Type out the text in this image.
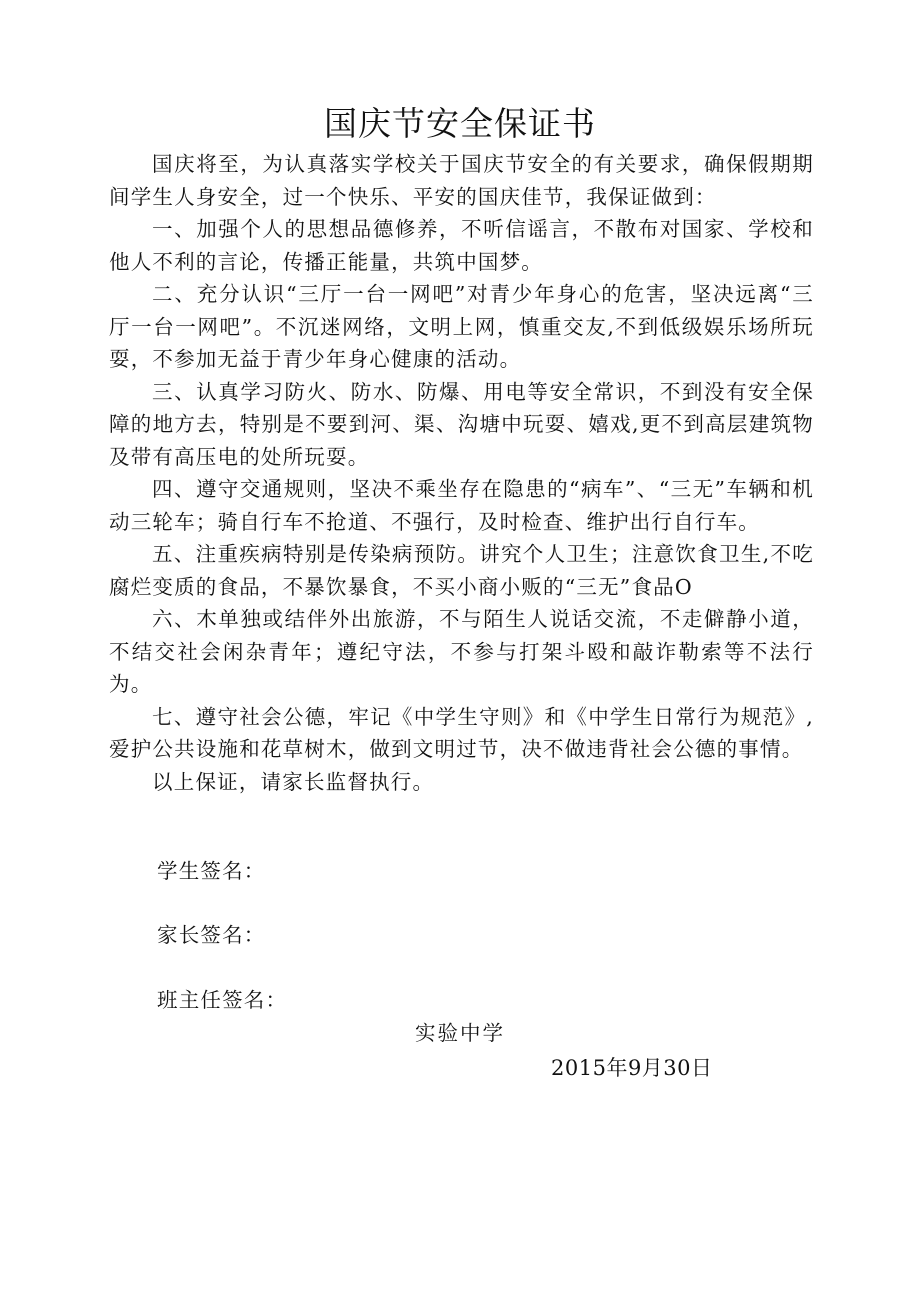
国庆节安全保证书

国庆将至，为认真落实学校关于国庆节安全的有关要求，确保假期期间学生人身安全，过一个快乐、平安的国庆佳节，我保证做到：

一、加强个人的思想品德修养，不听信谣言，不散布对国家、学校和他人不利的言论，传播正能量，共筑中国梦。

二、充分认识“三厅一台一网吧”对青少年身心的危害，坚决远离“三厅一台一网吧”。不沉迷网络，文明上网，慎重交友,不到低级娱乐场所玩耍，不参加无益于青少年身心健康的活动。

三、认真学习防火、防水、防爆、用电等安全常识，不到没有安全保障的地方去，特别是不要到河、渠、沟塘中玩耍、嬉戏,更不到高层建筑物及带有高压电的处所玩耍。

四、遵守交通规则，坚决不乘坐存在隐患的“病车”、“三无”车辆和机动三轮车；骑自行车不抢道、不强行，及时检查、维护出行自行车。

五、注重疾病特别是传染病预防。讲究个人卫生；注意饮食卫生,不吃腐烂变质的食品，不暴饮暴食，不买小商小贩的“三无”食品O

六、木单独或结伴外出旅游，不与陌生人说话交流，不走僻静小道，不结交社会闲杂青年；遵纪守法，不参与打架斗殴和敲诈勒索等不法行为。

七、遵守社会公德，牢记《中学生守则》和《中学生日常行为规范》,爱护公共设施和花草树木，做到文明过节，决不做违背社会公德的事情。

以上保证，请家长监督执行。

学生签名：

家长签名：

班主任签名：

实验中学

2015年9月30日
